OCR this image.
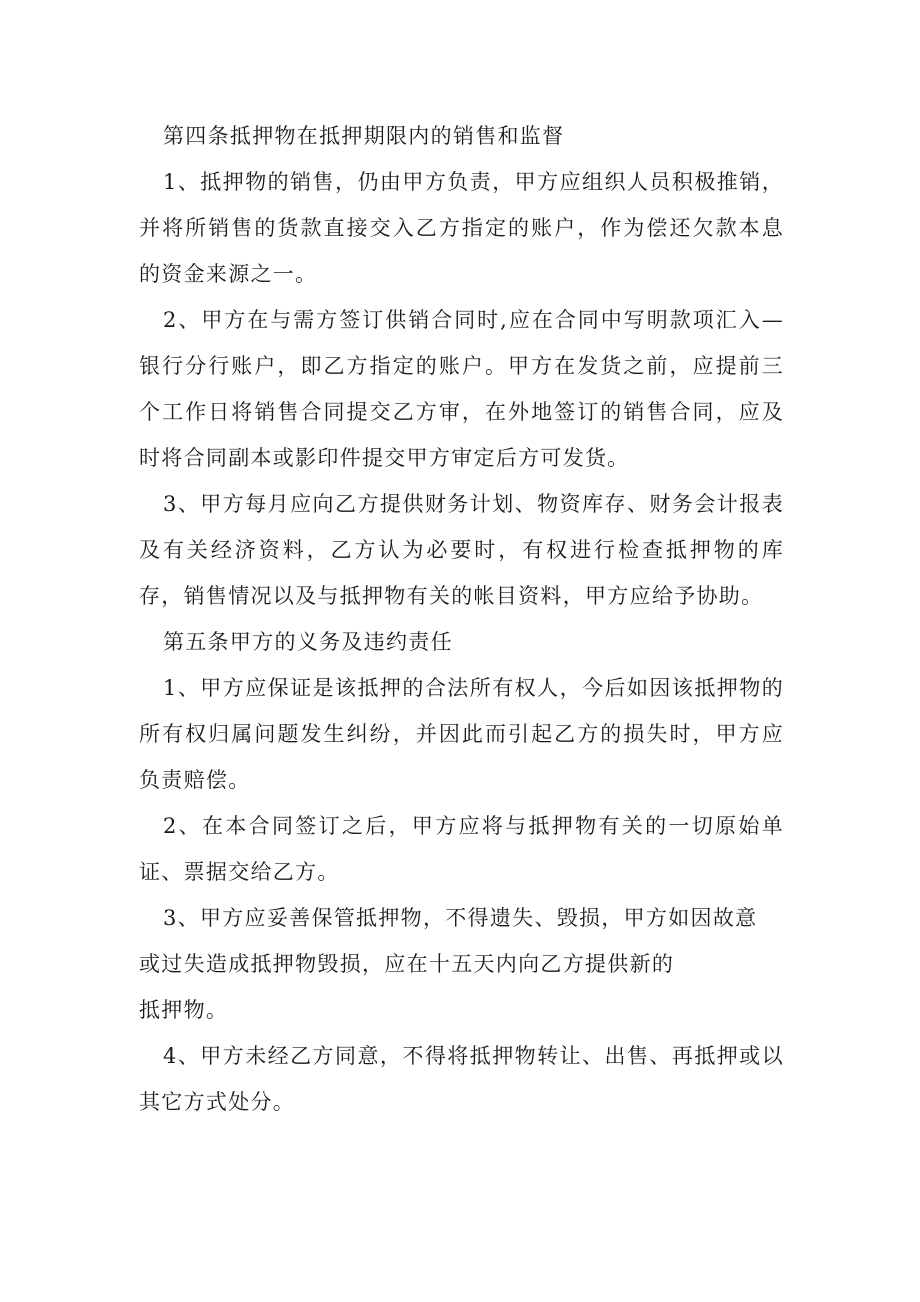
第四条抵押物在抵押期限内的销售和监督
1、抵押物的销售，仍由甲方负责，甲方应组织人员积极推销，并将所销售的货款直接交入乙方指定的账户，作为偿还欠款本息的资金来源之一。
2、甲方在与需方签订供销合同时,应在合同中写明款项汇入—银行分行账户，即乙方指定的账户。甲方在发货之前，应提前三个工作日将销售合同提交乙方审，在外地签订的销售合同，应及时将合同副本或影印件提交甲方审定后方可发货。
3、甲方每月应向乙方提供财务计划、物资库存、财务会计报表及有关经济资料，乙方认为必要时，有权进行检查抵押物的库存，销售情况以及与抵押物有关的帐目资料，甲方应给予协助。
第五条甲方的义务及违约责任
1、甲方应保证是该抵押的合法所有权人，今后如因该抵押物的所有权归属问题发生纠纷，并因此而引起乙方的损失时，甲方应负责赔偿。
2、在本合同签订之后，甲方应将与抵押物有关的一切原始单证、票据交给乙方。
3、甲方应妥善保管抵押物，不得遗失、毁损，甲方如因故意
或过失造成抵押物毁损，应在十五天内向乙方提供新的
抵押物。
4、甲方未经乙方同意，不得将抵押物转让、出售、再抵押或以其它方式处分。
